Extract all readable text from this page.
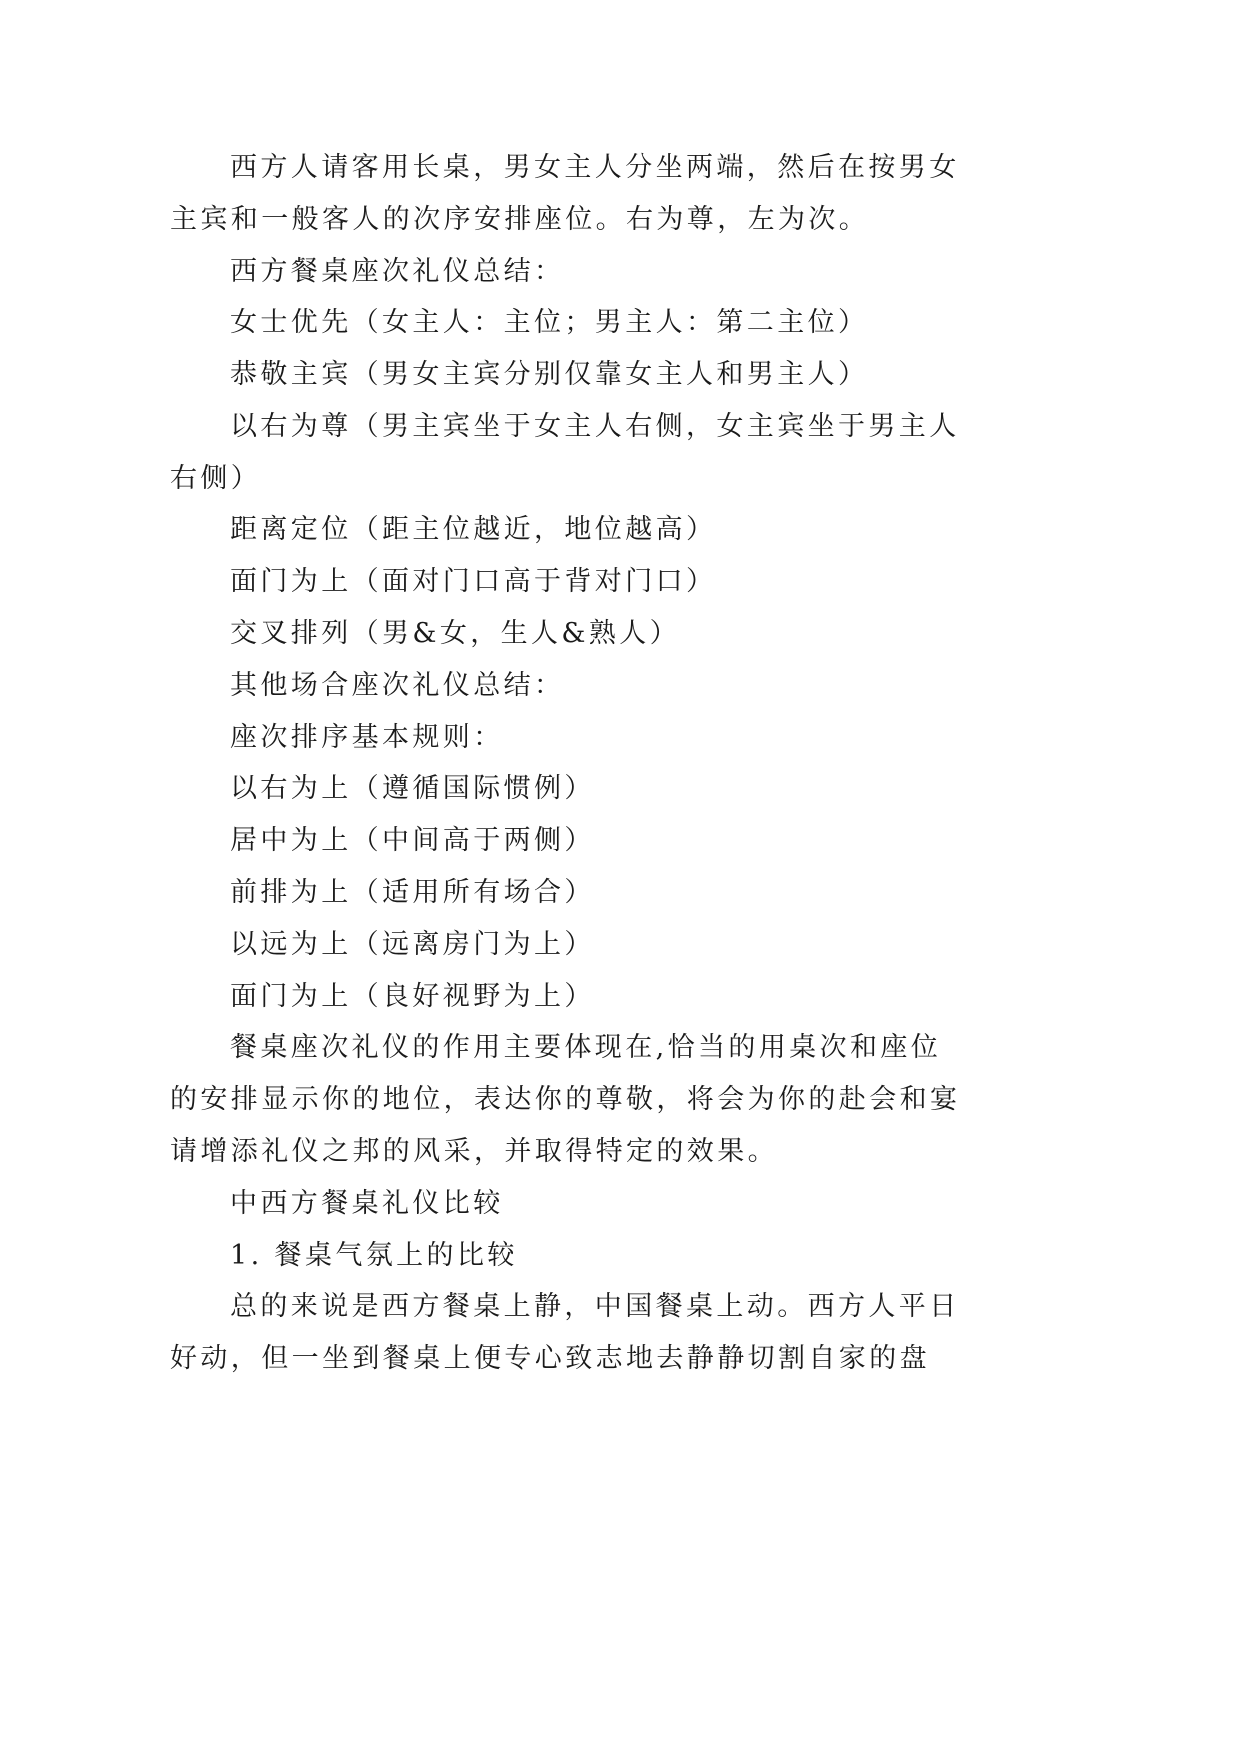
西方人请客用长桌，男女主人分坐两端，然后在按男女
主宾和一般客人的次序安排座位。右为尊，左为次。
西方餐桌座次礼仪总结：
女士优先（女主人：主位；男主人：第二主位）
恭敬主宾（男女主宾分别仅靠女主人和男主人）
以右为尊（男主宾坐于女主人右侧，女主宾坐于男主人
右侧）
距离定位（距主位越近，地位越高）
面门为上（面对门口高于背对门口）
交叉排列（男&女，生人&熟人）
其他场合座次礼仪总结：
座次排序基本规则：
以右为上（遵循国际惯例）
居中为上（中间高于两侧）
前排为上（适用所有场合）
以远为上（远离房门为上）
面门为上（良好视野为上）
餐桌座次礼仪的作用主要体现在,恰当的用桌次和座位
的安排显示你的地位，表达你的尊敬，将会为你的赴会和宴
请增添礼仪之邦的风采，并取得特定的效果。
中西方餐桌礼仪比较
1. 餐桌气氛上的比较
总的来说是西方餐桌上静，中国餐桌上动。西方人平日
好动，但一坐到餐桌上便专心致志地去静静切割自家的盘
